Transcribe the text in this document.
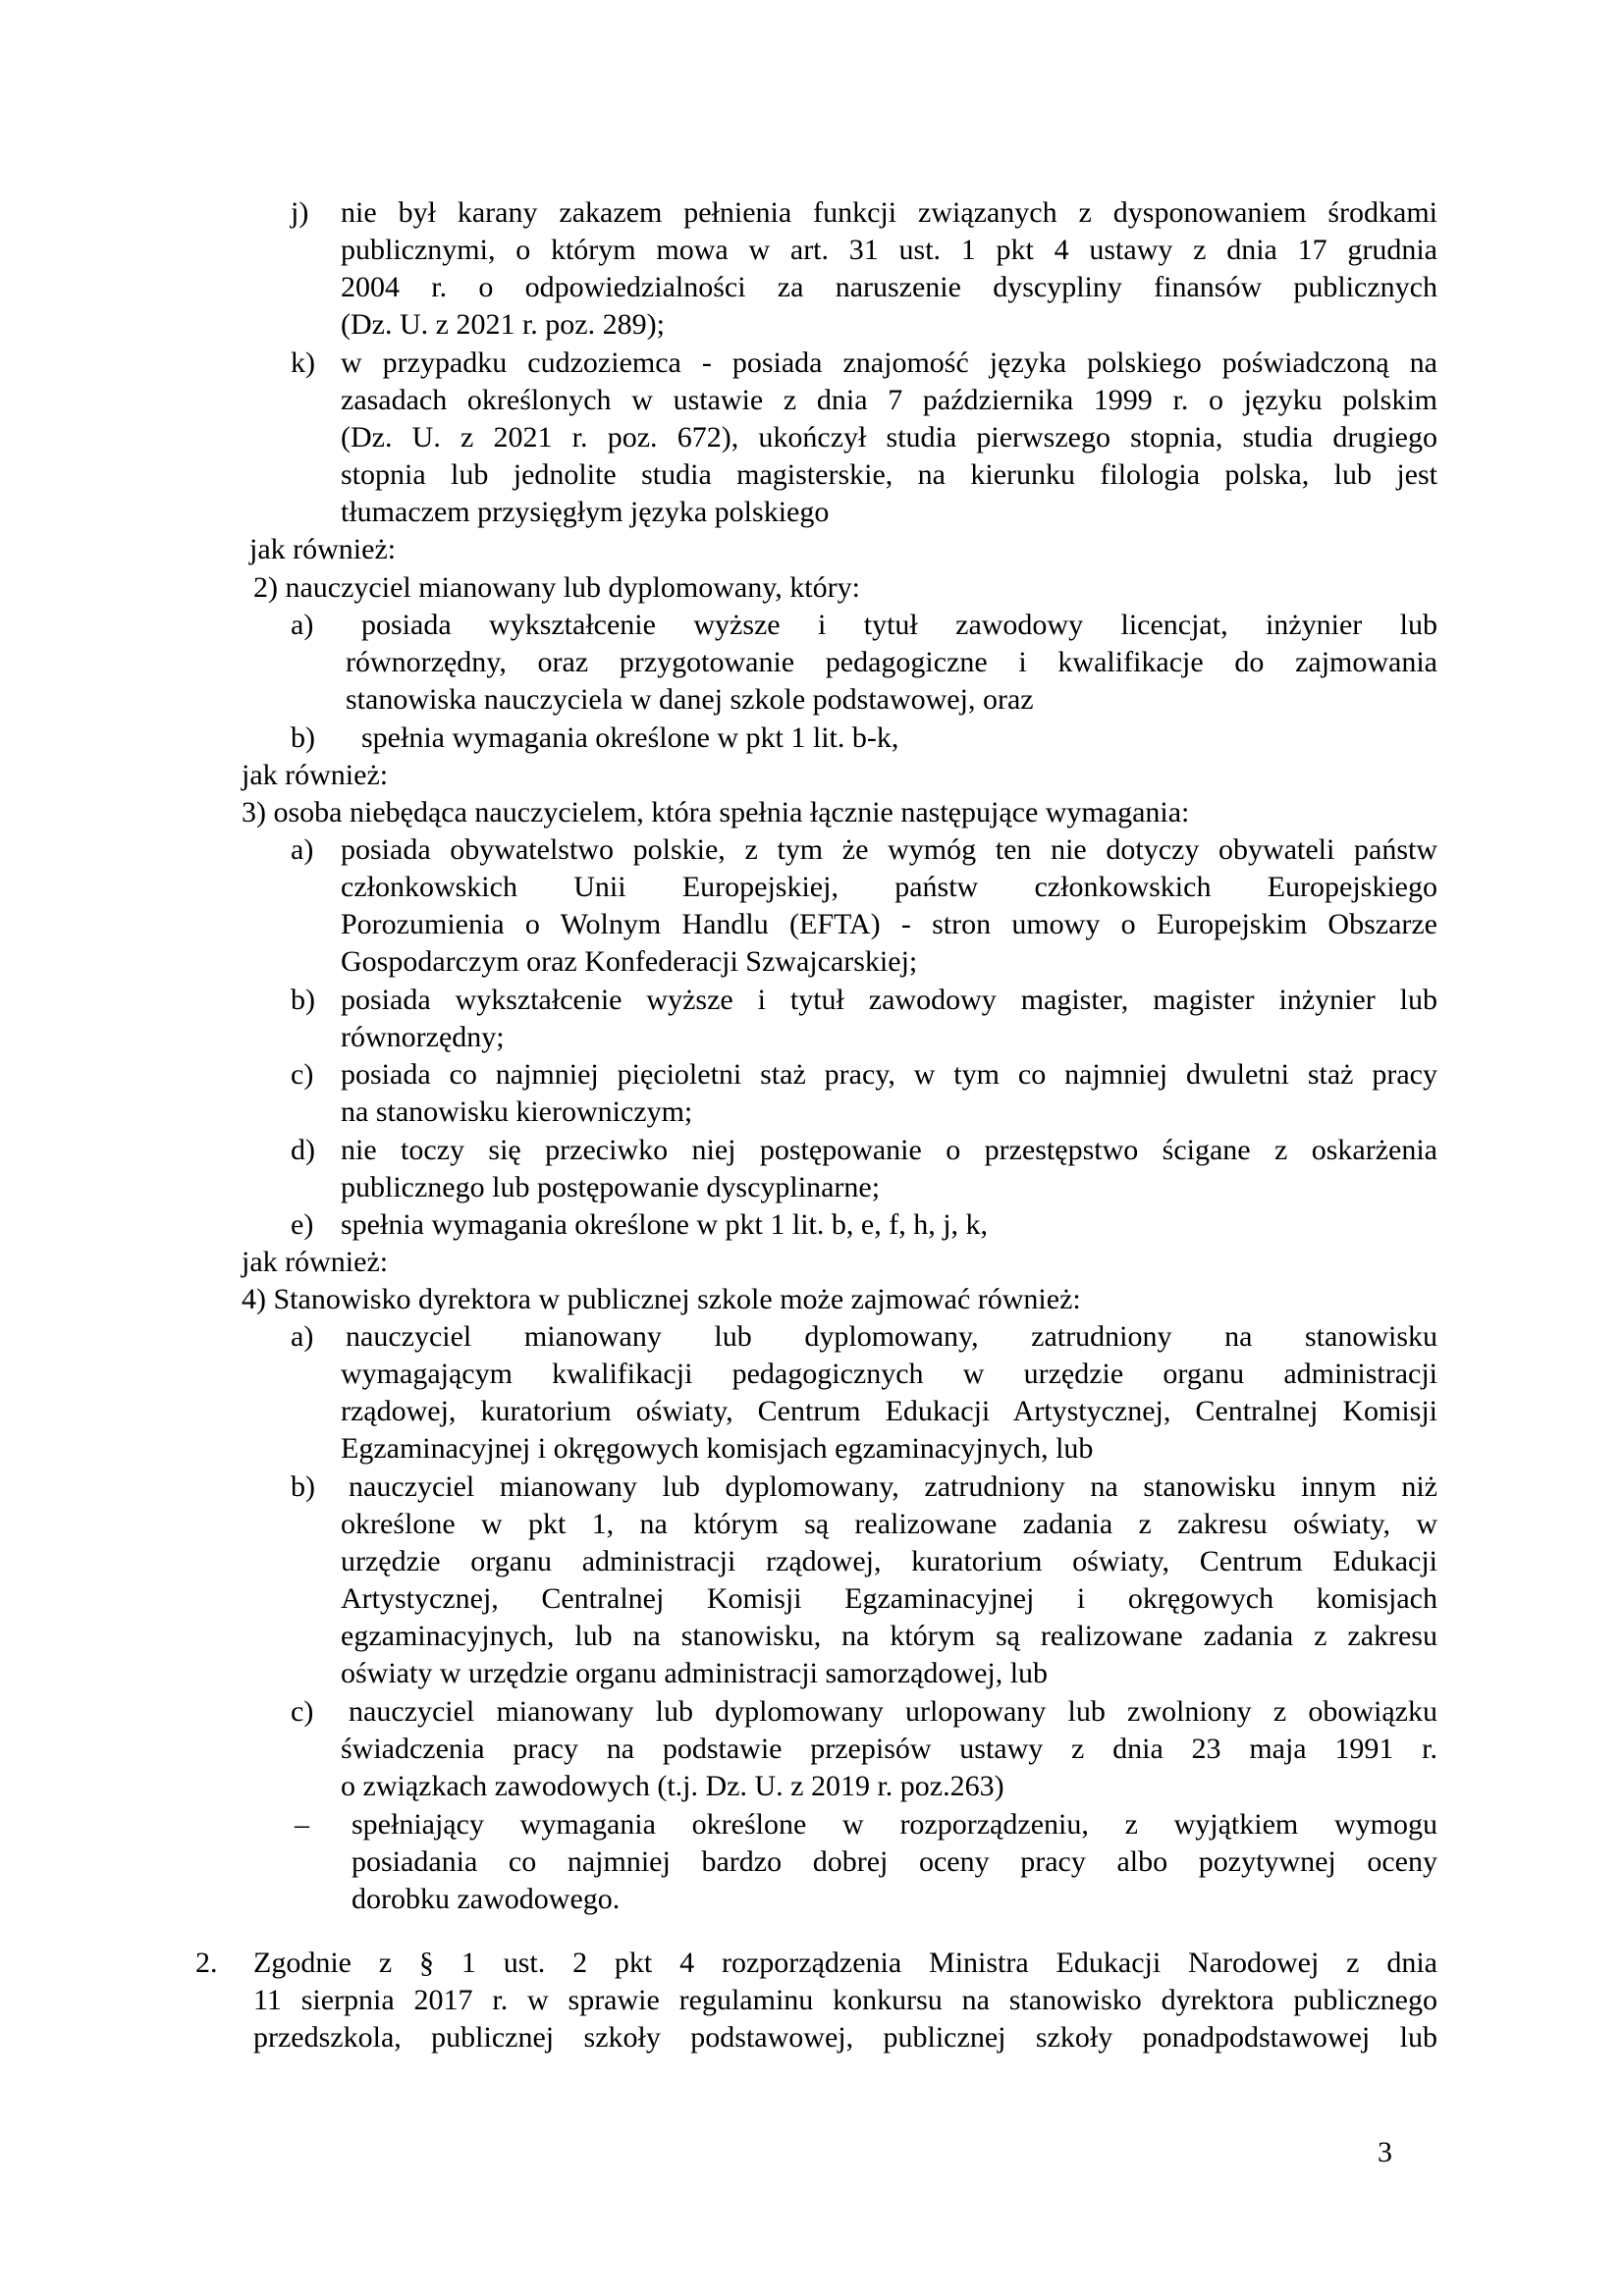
j) nie był karany zakazem pełnienia funkcji związanych z dysponowaniem środkami
publicznymi, o którym mowa w art. 31 ust. 1 pkt 4 ustawy z dnia 17 grudnia
2004 r. o odpowiedzialności za naruszenie dyscypliny finansów publicznych
(Dz. U. z 2021 r. poz. 289);
k) w przypadku cudzoziemca - posiada znajomość języka polskiego poświadczoną na
zasadach określonych w ustawie z dnia 7 października 1999 r. o języku polskim
(Dz. U. z 2021 r. poz. 672), ukończył studia pierwszego stopnia, studia drugiego
stopnia lub jednolite studia magisterskie, na kierunku filologia polska, lub jest
tłumaczem przysięgłym języka polskiego
jak również:
2) nauczyciel mianowany lub dyplomowany, który:
a) posiada wykształcenie wyższe i tytuł zawodowy licencjat, inżynier lub
równorzędny, oraz przygotowanie pedagogiczne i kwalifikacje do zajmowania
stanowiska nauczyciela w danej szkole podstawowej, oraz
b) spełnia wymagania określone w pkt 1 lit. b-k,
jak również:
3) osoba niebędąca nauczycielem, która spełnia łącznie następujące wymagania:
a) posiada obywatelstwo polskie, z tym że wymóg ten nie dotyczy obywateli państw
członkowskich Unii Europejskiej, państw członkowskich Europejskiego
Porozumienia o Wolnym Handlu (EFTA) - stron umowy o Europejskim Obszarze
Gospodarczym oraz Konfederacji Szwajcarskiej;
b) posiada wykształcenie wyższe i tytuł zawodowy magister, magister inżynier lub
równorzędny;
c) posiada co najmniej pięcioletni staż pracy, w tym co najmniej dwuletni staż pracy
na stanowisku kierowniczym;
d) nie toczy się przeciwko niej postępowanie o przestępstwo ścigane z oskarżenia
publicznego lub postępowanie dyscyplinarne;
e) spełnia wymagania określone w pkt 1 lit. b, e, f, h, j, k,
jak również:
4) Stanowisko dyrektora w publicznej szkole może zajmować również:
a) nauczyciel mianowany lub dyplomowany, zatrudniony na stanowisku
wymagającym kwalifikacji pedagogicznych w urzędzie organu administracji
rządowej, kuratorium oświaty, Centrum Edukacji Artystycznej, Centralnej Komisji
Egzaminacyjnej i okręgowych komisjach egzaminacyjnych, lub
b) nauczyciel mianowany lub dyplomowany, zatrudniony na stanowisku innym niż
określone w pkt 1, na którym są realizowane zadania z zakresu oświaty, w
urzędzie organu administracji rządowej, kuratorium oświaty, Centrum Edukacji
Artystycznej, Centralnej Komisji Egzaminacyjnej i okręgowych komisjach
egzaminacyjnych, lub na stanowisku, na którym są realizowane zadania z zakresu
oświaty w urzędzie organu administracji samorządowej, lub
c) nauczyciel mianowany lub dyplomowany urlopowany lub zwolniony z obowiązku
świadczenia pracy na podstawie przepisów ustawy z dnia 23 maja 1991 r.
o związkach zawodowych (t.j. Dz. U. z 2019 r. poz.263)
– spełniający wymagania określone w rozporządzeniu, z wyjątkiem wymogu
posiadania co najmniej bardzo dobrej oceny pracy albo pozytywnej oceny
dorobku zawodowego.
2. Zgodnie z § 1 ust. 2 pkt 4 rozporządzenia Ministra Edukacji Narodowej z dnia
11 sierpnia 2017 r. w sprawie regulaminu konkursu na stanowisko dyrektora publicznego
przedszkola, publicznej szkoły podstawowej, publicznej szkoły ponadpodstawowej lub
3
